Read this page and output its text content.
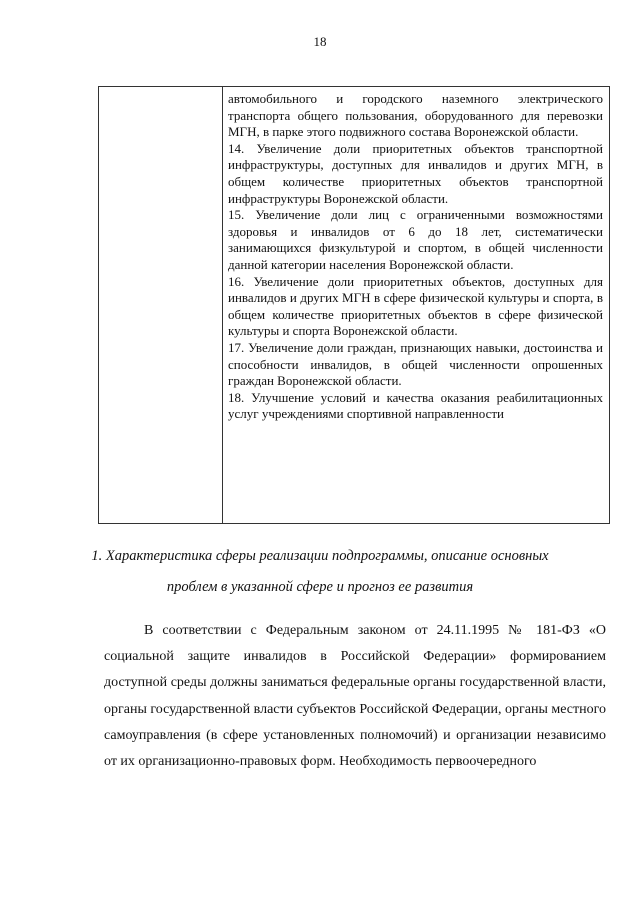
18

автомобильного и городского наземного электрического транспорта общего пользования, оборудованного для перевозки МГН, в парке этого подвижного состава Воронежской области.

14. Увеличение доли приоритетных объектов транспортной инфраструктуры, доступных для инвалидов и других МГН, в общем количестве приоритетных объектов транспортной инфраструктуры Воронежской области.

15. Увеличение доли лиц с ограниченными возможностями здоровья и инвалидов от 6 до 18 лет, систематически занимающихся физкультурой и спортом, в общей численности данной категории населения Воронежской области.

16. Увеличение доли приоритетных объектов, доступных для инвалидов и других МГН в сфере физической культуры и спорта, в общем количестве приоритетных объектов в сфере физической культуры и спорта Воронежской области.

17. Увеличение доли граждан, признающих навыки, достоинства и способности инвалидов, в общей численности опрошенных граждан Воронежской области.

18. Улучшение условий и качества оказания реабилитационных услуг учреждениями спортивной направленности

1. Характеристика сферы реализации подпрограммы, описание основных

проблем в указанной сфере и прогноз ее развития

В соответствии с Федеральным законом от 24.11.1995 № 181-ФЗ «О социальной защите инвалидов в Российской Федерации» формированием доступной среды должны заниматься федеральные органы государственной власти, органы государственной власти субъектов Российской Федерации, органы местного самоуправления (в сфере установленных полномочий) и организации независимо от их организационно-правовых форм. Необходимость первоочередного
